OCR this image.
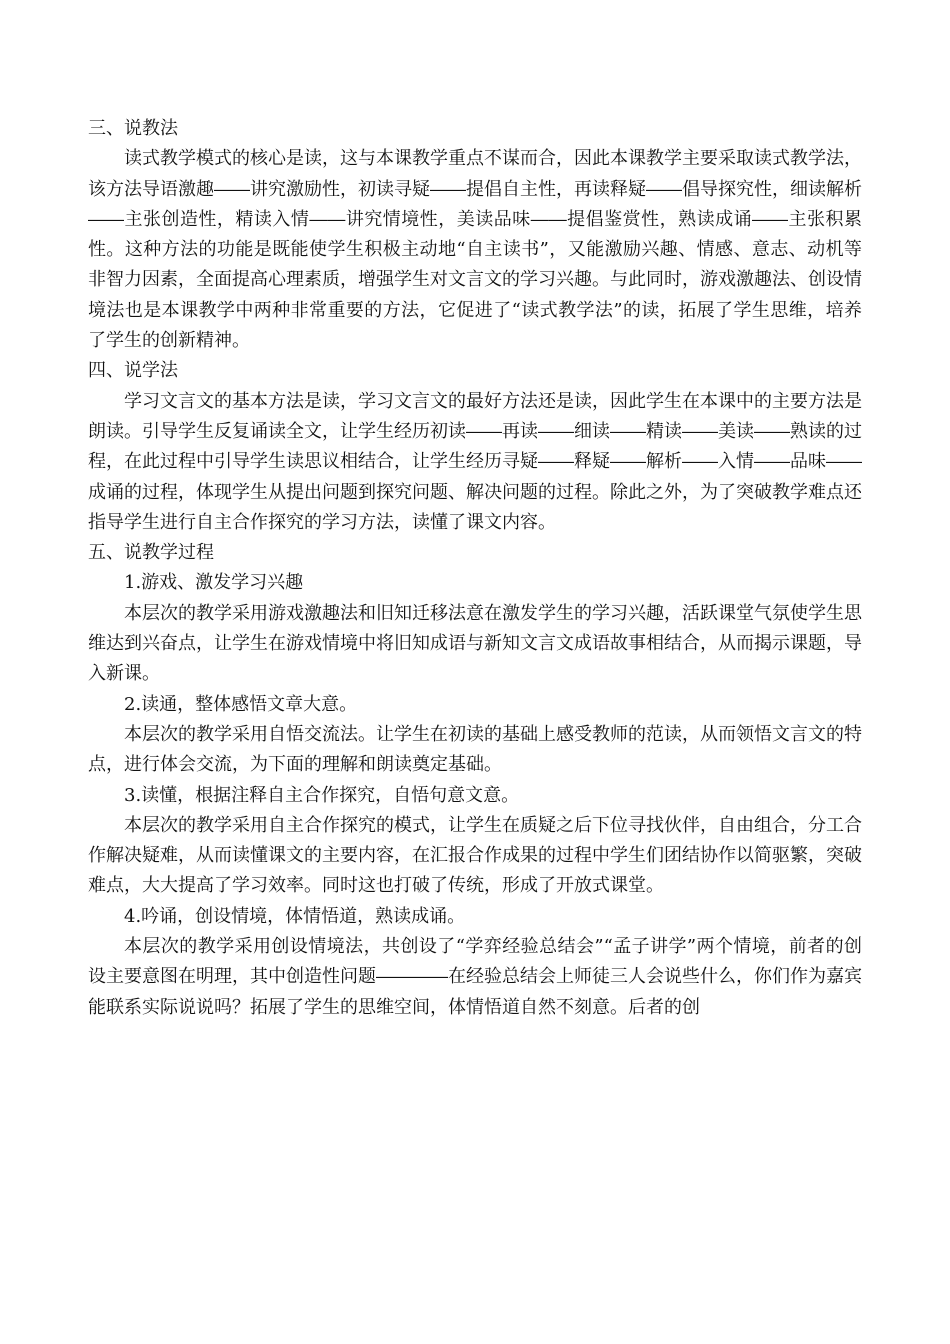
三、说教法

读式教学模式的核心是读，这与本课教学重点不谋而合，因此本课教学主要采取读式教学法，该方法导语激趣――讲究激励性，初读寻疑――提倡自主性，再读释疑――倡导探究性，细读解析――主张创造性，精读入情――讲究情境性，美读品味――提倡鉴赏性，熟读成诵――主张积累性。这种方法的功能是既能使学生积极主动地“自主读书”，又能激励兴趣、情感、意志、动机等非智力因素，全面提高心理素质，增强学生对文言文的学习兴趣。与此同时，游戏激趣法、创设情境法也是本课教学中两种非常重要的方法，它促进了“读式教学法”的读，拓展了学生思维，培养了学生的创新精神。

四、说学法

学习文言文的基本方法是读，学习文言文的最好方法还是读，因此学生在本课中的主要方法是朗读。引导学生反复诵读全文，让学生经历初读――再读――细读――精读――美读――熟读的过程，在此过程中引导学生读思议相结合，让学生经历寻疑――释疑――解析――入情――品味――成诵的过程，体现学生从提出问题到探究问题、解决问题的过程。除此之外，为了突破教学难点还指导学生进行自主合作探究的学习方法，读懂了课文内容。

五、说教学过程

1.游戏、激发学习兴趣

本层次的教学采用游戏激趣法和旧知迁移法意在激发学生的学习兴趣，活跃课堂气氛使学生思维达到兴奋点，让学生在游戏情境中将旧知成语与新知文言文成语故事相结合，从而揭示课题，导入新课。

2.读通，整体感悟文章大意。

本层次的教学采用自悟交流法。让学生在初读的基础上感受教师的范读，从而领悟文言文的特点，进行体会交流，为下面的理解和朗读奠定基础。

3.读懂，根据注释自主合作探究，自悟句意文意。

本层次的教学采用自主合作探究的模式，让学生在质疑之后下位寻找伙伴，自由组合，分工合作解决疑难，从而读懂课文的主要内容，在汇报合作成果的过程中学生们团结协作以简驱繁，突破难点，大大提高了学习效率。同时这也打破了传统，形成了开放式课堂。

4.吟诵，创设情境，体情悟道，熟读成诵。

本层次的教学采用创设情境法，共创设了“学弈经验总结会”“孟子讲学”两个情境，前者的创设主要意图在明理，其中创造性问题――――在经验总结会上师徒三人会说些什么，你们作为嘉宾能联系实际说说吗？拓展了学生的思维空间，体情悟道自然不刻意。后者的创
